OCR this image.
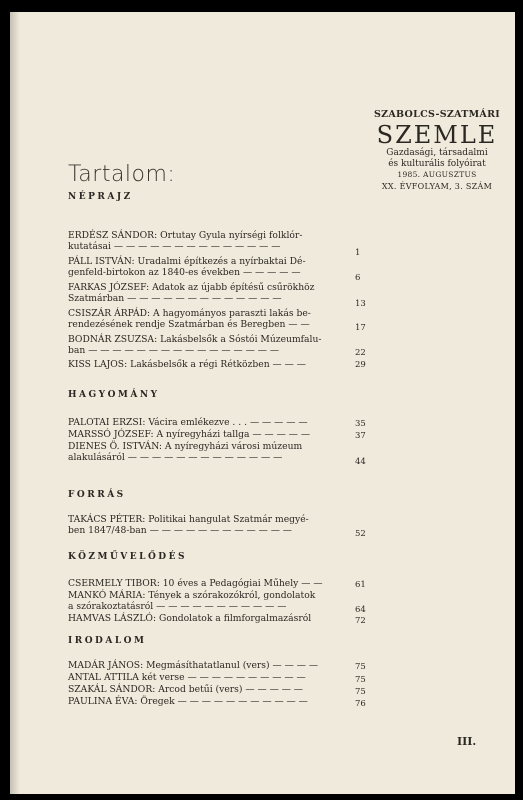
SZABOLCS-SZATMÁRI
SZEMLE
Gazdasági, társadalmi
és kulturális folyóirat
1985. AUGUSZTUS
XX. ÉVFOLYAM, 3. SZÁM
Tartalom:
NÉPRAJZ
ERDÉSZ SÁNDOR: Ortutay Gyula nyírségi folklór-
kutatásai — — — — — — — — — — — — — —
1
PÁLL ISTVÁN: Uradalmi építkezés a nyírbaktai Dé-
genfeld-birtokon az 1840-es években — — — — —	6
FARKAS JÓZSEF: Adatok az újabb építésű csűrökhöz
Szatmárban — — — — — — — — — — — — —	13
CSISZÁR ÁRPÁD: A hagyományos paraszti lakás be-
rendezésének rendje Szatmárban és Beregben — —	17
BODNÁR ZSUZSA: Lakásbelsők a Sóstói Múzeumfalu-
ban — — — — — — — — — — — — — — — —	22
KISS LAJOS: Lakásbelsők a régi Rétközben — — —	29
HAGYOMÁNY
PALOTAI ERZSI: Vácira emlékezve . . . — — — — —	35
MARSSÓ JÓZSEF: A nyíregyházi tallga — — — — —	37
DIENES Ö. ISTVÁN: A nyíregyházi városi múzeum
alakulásáról — — — — — — — — — — — — —	44
FORRÁS
TAKÁCS PÉTER: Politikai hangulat Szatmár megyé-
ben 1847/48-ban — — — — — — — — — — — —	52
KÖZMŰVELŐDÉS
CSERMELY TIBOR: 10 éves a Pedagógiai Műhely — —	61
MANKÓ MÁRIA: Tények a szórakozókról, gondolatok
a szórakoztatásról — — — — — — — — — — —	64
HAMVAS LÁSZLÓ: Gondolatok a filmforgalmazásról	72
IRODALOM
MADÁR JÁNOS: Megmásíthatatlanul (vers) — — — —	75
ANTAL ATTILA két verse — — — — — — — — — —	75
SZAKÁL SÁNDOR: Arcod betűi (vers) — — — — —	75
PAULINA ÉVA: Öregek — — — — — — — — — — —	76
III.
